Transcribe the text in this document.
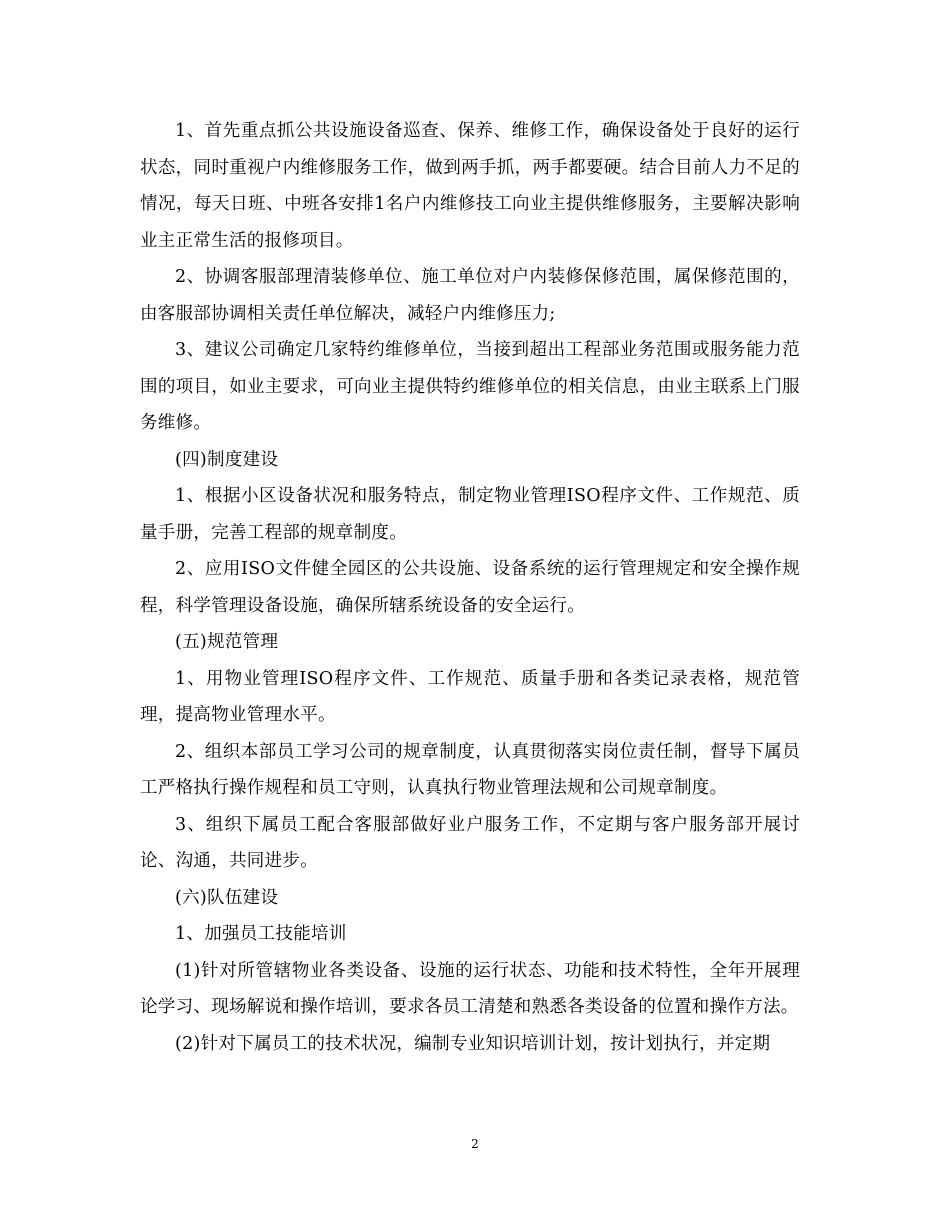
1、首先重点抓公共设施设备巡查、保养、维修工作，确保设备处于良好的运行状态，同时重视户内维修服务工作，做到两手抓，两手都要硬。结合目前人力不足的情况，每天日班、中班各安排1名户内维修技工向业主提供维修服务，主要解决影响业主正常生活的报修项目。

2、协调客服部理清装修单位、施工单位对户内装修保修范围，属保修范围的，由客服部协调相关责任单位解决，减轻户内维修压力;

3、建议公司确定几家特约维修单位，当接到超出工程部业务范围或服务能力范围的项目，如业主要求，可向业主提供特约维修单位的相关信息，由业主联系上门服务维修。

(四)制度建设

1、根据小区设备状况和服务特点，制定物业管理ISO程序文件、工作规范、质量手册，完善工程部的规章制度。

2、应用ISO文件健全园区的公共设施、设备系统的运行管理规定和安全操作规程，科学管理设备设施，确保所辖系统设备的安全运行。

(五)规范管理

1、用物业管理ISO程序文件、工作规范、质量手册和各类记录表格，规范管理，提高物业管理水平。

2、组织本部员工学习公司的规章制度，认真贯彻落实岗位责任制，督导下属员工严格执行操作规程和员工守则，认真执行物业管理法规和公司规章制度。

3、组织下属员工配合客服部做好业户服务工作，不定期与客户服务部开展讨论、沟通，共同进步。

(六)队伍建设

1、加强员工技能培训

(1)针对所管辖物业各类设备、设施的运行状态、功能和技术特性，全年开展理论学习、现场解说和操作培训，要求各员工清楚和熟悉各类设备的位置和操作方法。

(2)针对下属员工的技术状况，编制专业知识培训计划，按计划执行，并定期

2
